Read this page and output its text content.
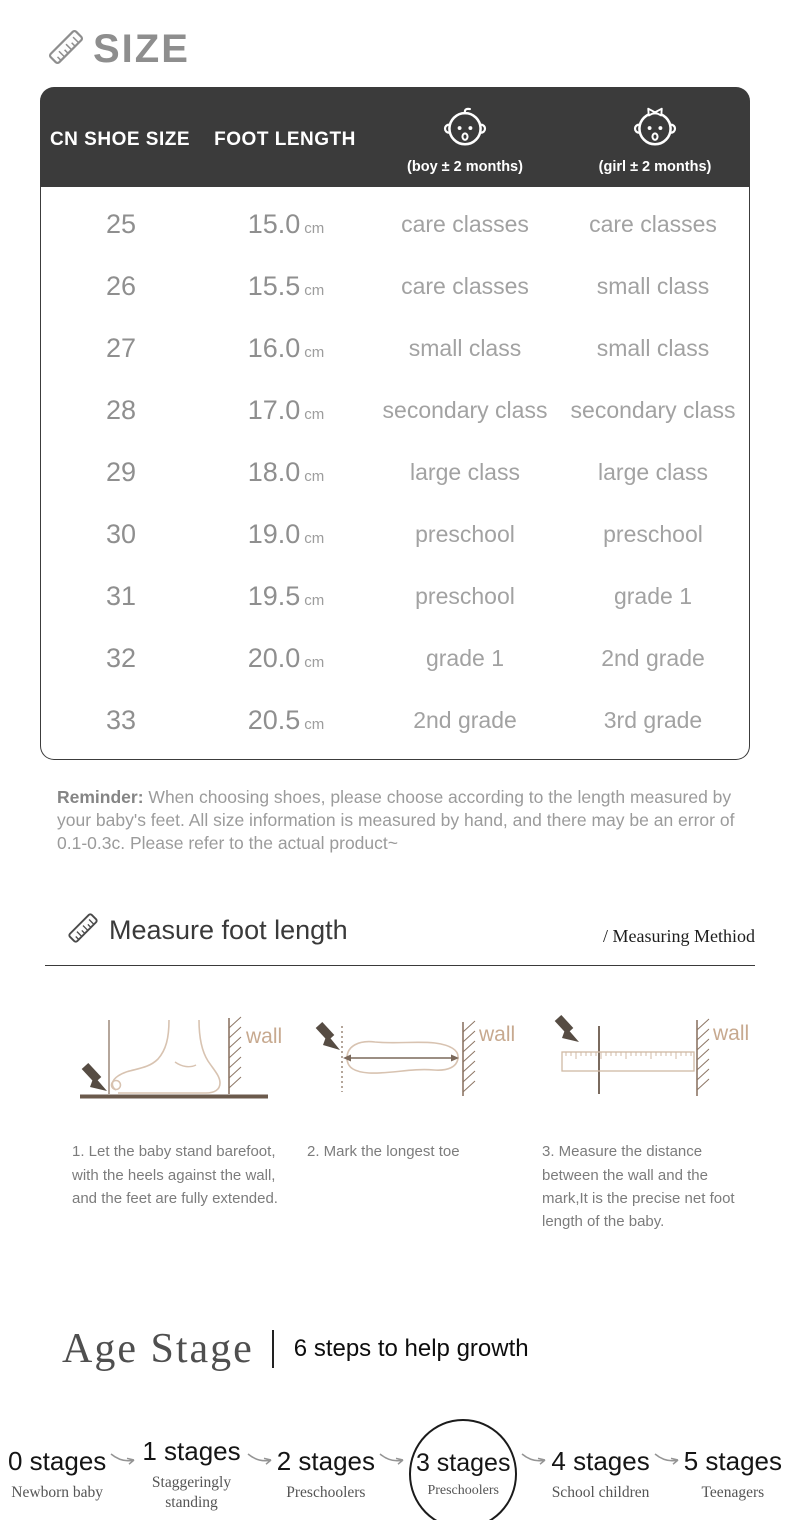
SIZE
CN SHOE SIZE	FOOT LENGTH
(boy ± 2 months)	(girl ± 2 months)
25	15.0 cm	care classes	care classes
26	15.5 cm	care classes	small class
27	16.0 cm	small class	small class
28	17.0 cm	secondary class	secondary class
29	18.0 cm	large class	large class
30	19.0 cm	preschool	preschool
31	19.5 cm	preschool	grade 1
32	20.0 cm	grade 1	2nd grade
33	20.5 cm	2nd grade	3rd grade

Reminder: When choosing shoes, please choose according to the length measured by your baby's feet. All size information is measured by hand, and there may be an error of 0.1-0.3c. Please refer to the actual product~

Measure foot length	/ Measuring Methiod
wall	wall	wall
1. Let the baby stand barefoot, with the heels against the wall, and the feet are fully extended.
2. Mark the longest toe	3. Measure the distance between the wall and the mark,It is the precise net foot length of the baby.
Age Stage 6 steps to help growth
0 stages
Newborn baby
1 stages
Staggeringly standing
2 stages
Preschoolers
3 stages
Preschoolers
4 stages
School children
5 stages
Teenagers
